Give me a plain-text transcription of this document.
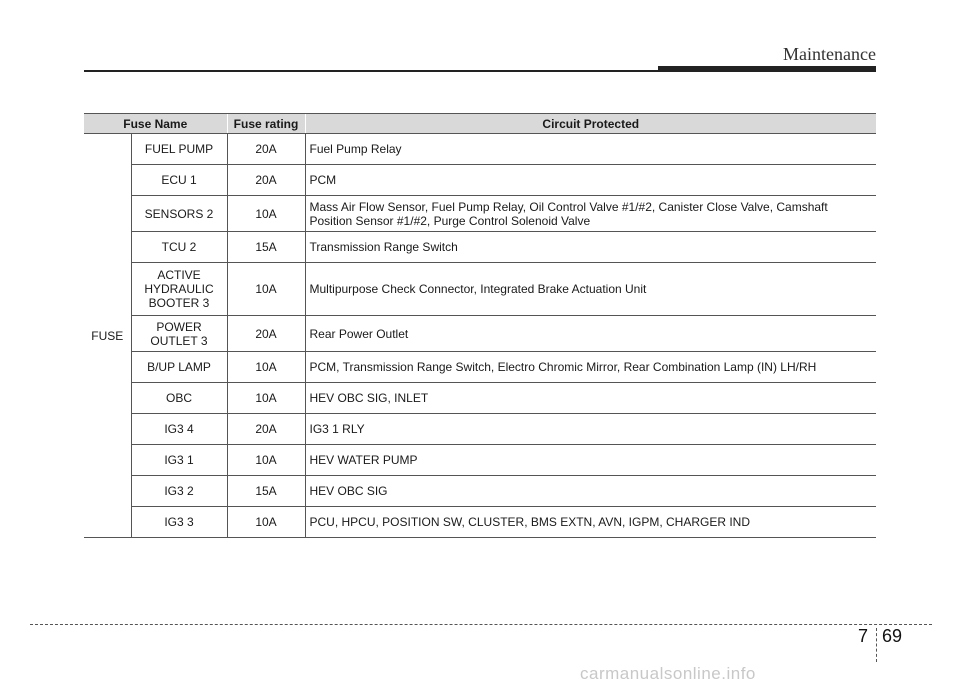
Maintenance
Fuse Name		Fuse rating	Circuit Protected
FUSE	FUEL PUMP	20A	Fuel Pump Relay
	ECU 1	20A	PCM
	SENSORS 2	10A	Mass Air Flow Sensor, Fuel Pump Relay, Oil Control Valve #1/#2, Canister Close Valve, Camshaft Position Sensor #1/#2, Purge Control Solenoid Valve
	TCU 2	15A	Transmission Range Switch
	ACTIVE HYDRAULIC BOOTER 3	10A	Multipurpose Check Connector, Integrated Brake Actuation Unit
	POWER OUTLET 3	20A	Rear Power Outlet
	B/UP LAMP	10A	PCM, Transmission Range Switch, Electro Chromic Mirror, Rear Combination Lamp (IN) LH/RH
	OBC	10A	HEV OBC SIG, INLET
	IG3 4	20A	IG3 1 RLY
	IG3 1	10A	HEV WATER PUMP
	IG3 2	15A	HEV OBC SIG
	IG3 3	10A	PCU, HPCU, POSITION SW, CLUSTER, BMS EXTN, AVN, IGPM, CHARGER IND
7 69
carmanualsonline.info
